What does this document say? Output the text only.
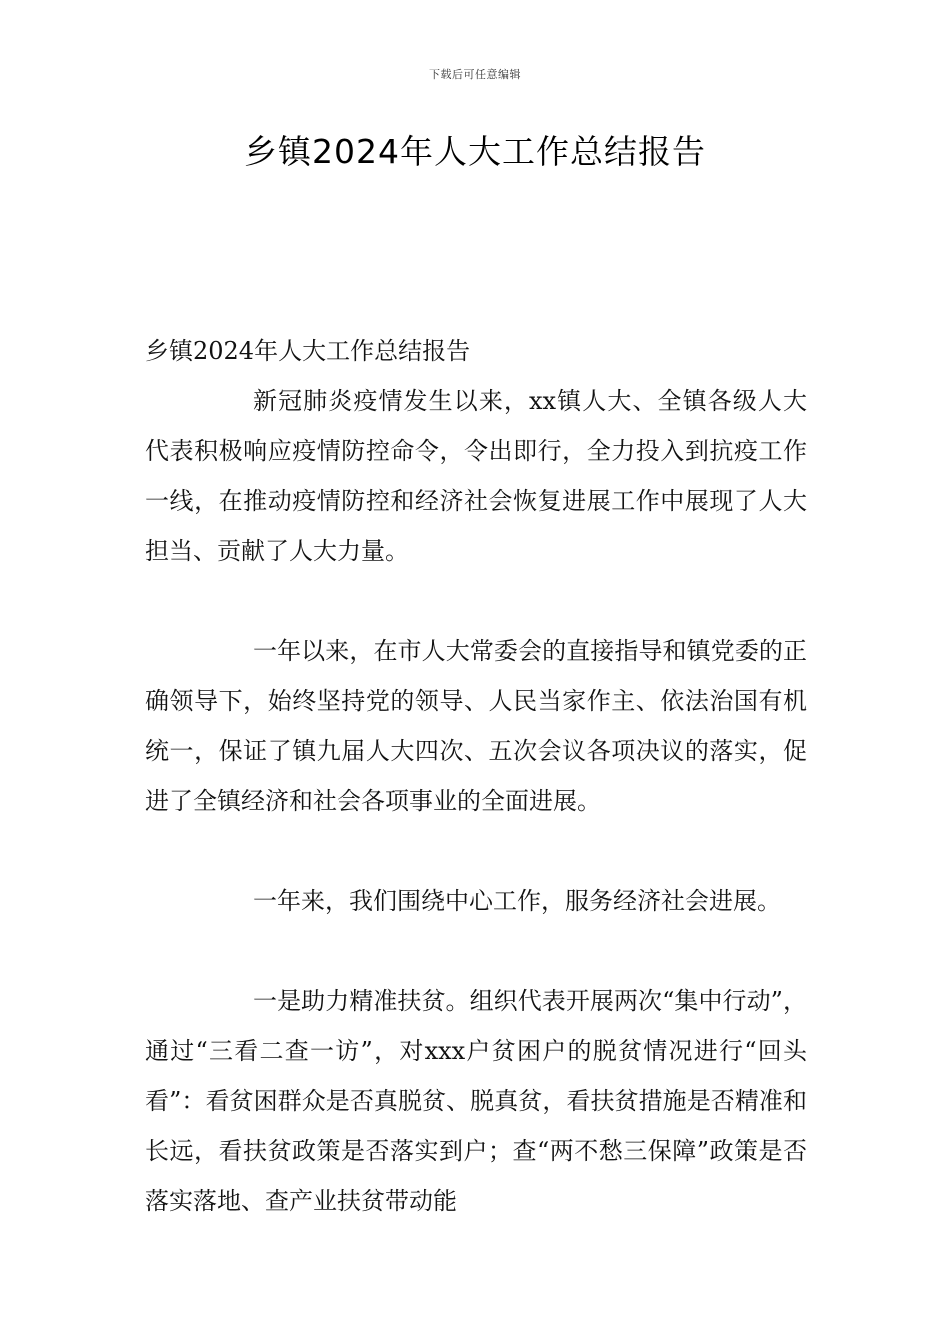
下载后可任意编辑
乡镇2024年人大工作总结报告

乡镇2024年人大工作总结报告

新冠肺炎疫情发生以来，xx镇人大、全镇各级人大代表积极响应疫情防控命令，令出即行，全力投入到抗疫工作一线，在推动疫情防控和经济社会恢复进展工作中展现了人大担当、贡献了人大力量。

一年以来，在市人大常委会的直接指导和镇党委的正确领导下，始终坚持党的领导、人民当家作主、依法治国有机统一，保证了镇九届人大四次、五次会议各项决议的落实，促进了全镇经济和社会各项事业的全面进展。

一年来，我们围绕中心工作，服务经济社会进展。

一是助力精准扶贫。组织代表开展两次“集中行动”，通过“三看二查一访”，对xxx户贫困户的脱贫情况进行“回头看”：看贫困群众是否真脱贫、脱真贫，看扶贫措施是否精准和长远，看扶贫政策是否落实到户；查“两不愁三保障”政策是否落实落地、查产业扶贫带动能
